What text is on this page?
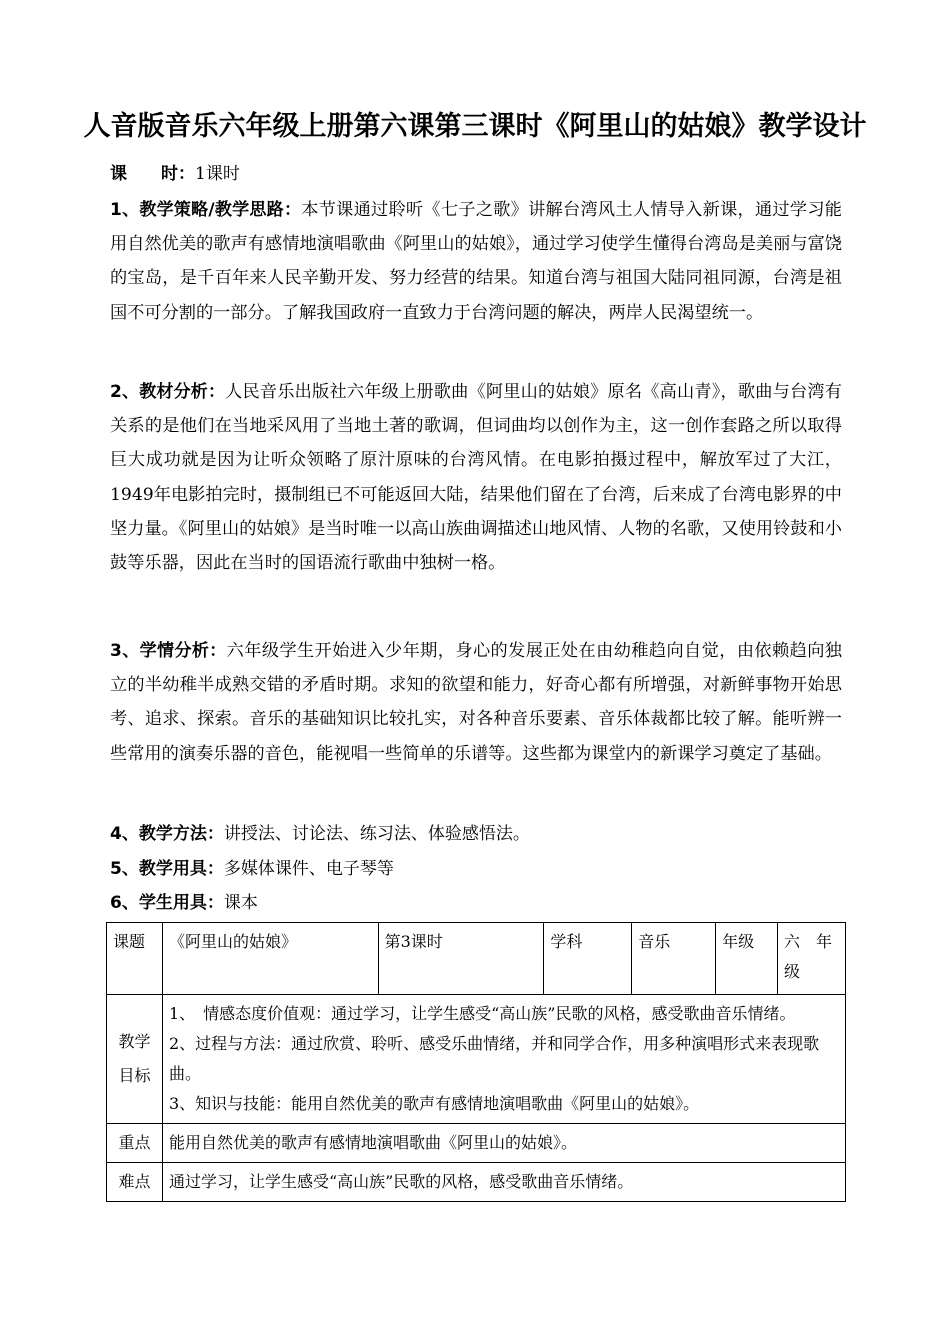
人音版音乐六年级上册第六课第三课时《阿里山的姑娘》教学设计
课　　时：1课时
1、教学策略/教学思路：本节课通过聆听《七子之歌》讲解台湾风土人情导入新课，通过学习能用自然优美的歌声有感情地演唱歌曲《阿里山的姑娘》，通过学习使学生懂得台湾岛是美丽与富饶的宝岛，是千百年来人民辛勤开发、努力经营的结果。知道台湾与祖国大陆同祖同源，台湾是祖国不可分割的一部分。了解我国政府一直致力于台湾问题的解决，两岸人民渴望统一。
2、教材分析：人民音乐出版社六年级上册歌曲《阿里山的姑娘》原名《高山青》，歌曲与台湾有关系的是他们在当地采风用了当地土著的歌调，但词曲均以创作为主，这一创作套路之所以取得巨大成功就是因为让听众领略了原汁原味的台湾风情。在电影拍摄过程中，解放军过了大江，1949年电影拍完时，摄制组已不可能返回大陆，结果他们留在了台湾，后来成了台湾电影界的中坚力量。《阿里山的姑娘》是当时唯一以高山族曲调描述山地风情、人物的名歌，又使用铃鼓和小鼓等乐器，因此在当时的国语流行歌曲中独树一格。
3、学情分析：六年级学生开始进入少年期，身心的发展正处在由幼稚趋向自觉，由依赖趋向独立的半幼稚半成熟交错的矛盾时期。求知的欲望和能力，好奇心都有所增强，对新鲜事物开始思考、追求、探索。音乐的基础知识比较扎实，对各种音乐要素、音乐体裁都比较了解。能听辨一些常用的演奏乐器的音色，能视唱一些简单的乐谱等。这些都为课堂内的新课学习奠定了基础。
4、教学方法：讲授法、讨论法、练习法、体验感悟法。
5、教学用具：多媒体课件、电子琴等
6、学生用具：课本
课题	《阿里山的姑娘》	第3课时	学科	音乐	年级	六　年级
教学目标	1、　情感态度价值观：通过学习，让学生感受“高山族”民歌的风格，感受歌曲音乐情绪。
2、过程与方法：通过欣赏、聆听、感受乐曲情绪，并和同学合作，用多种演唱形式来表现歌曲。
3、知识与技能：能用自然优美的歌声有感情地演唱歌曲《阿里山的姑娘》。					

重点	能用自然优美的歌声有感情地演唱歌曲《阿里山的姑娘》。					
难点	通过学习，让学生感受“高山族”民歌的风格，感受歌曲音乐情绪。					
